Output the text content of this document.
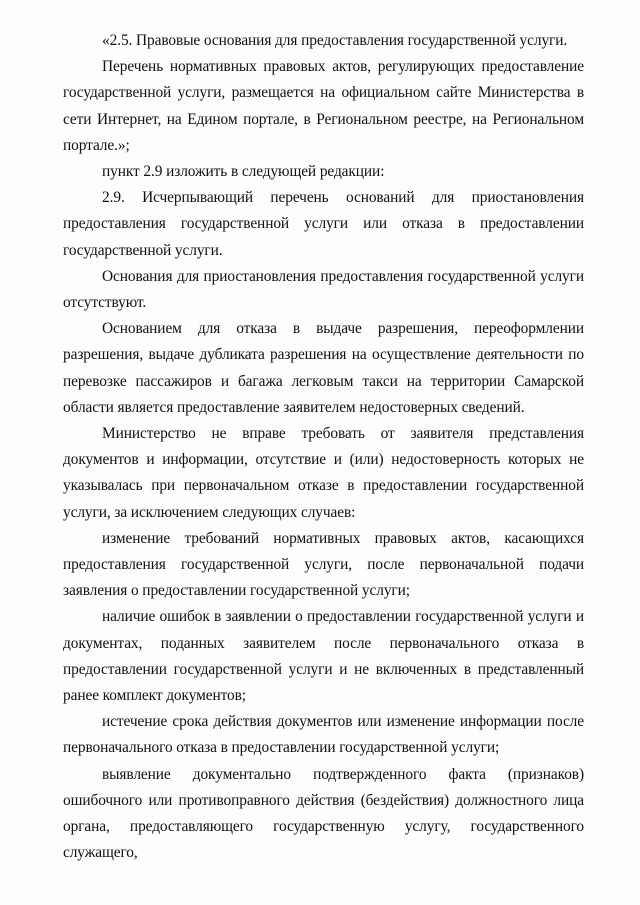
«2.5. Правовые основания для предоставления государственной услуги.

Перечень нормативных правовых актов, регулирующих предоставление государственной услуги, размещается на официальном сайте Министерства в сети Интернет, на Едином портале, в Региональном реестре, на Региональном портале.»;

пункт 2.9 изложить в следующей редакции:

2.9. Исчерпывающий перечень оснований для приостановления предоставления государственной услуги или отказа в предоставлении государственной услуги.

Основания для приостановления предоставления государственной услуги отсутствуют.

Основанием для отказа в выдаче разрешения, переоформлении разрешения, выдаче дубликата разрешения на осуществление деятельности по перевозке пассажиров и багажа легковым такси на территории Самарской области является предоставление заявителем недостоверных сведений.

Министерство не вправе требовать от заявителя представления документов и информации, отсутствие и (или) недостоверность которых не указывалась при первоначальном отказе в предоставлении государственной услуги, за исключением следующих случаев:

изменение требований нормативных правовых актов, касающихся предоставления государственной услуги, после первоначальной подачи заявления о предоставлении государственной услуги;

наличие ошибок в заявлении о предоставлении государственной услуги и документах, поданных заявителем после первоначального отказа в предоставлении государственной услуги и не включенных в представленный ранее комплект документов;

истечение срока действия документов или изменение информации после первоначального отказа в предоставлении государственной услуги;

выявление документально подтвержденного факта (признаков) ошибочного или противоправного действия (бездействия) должностного лица органа, предоставляющего государственную услугу, государственного служащего,
